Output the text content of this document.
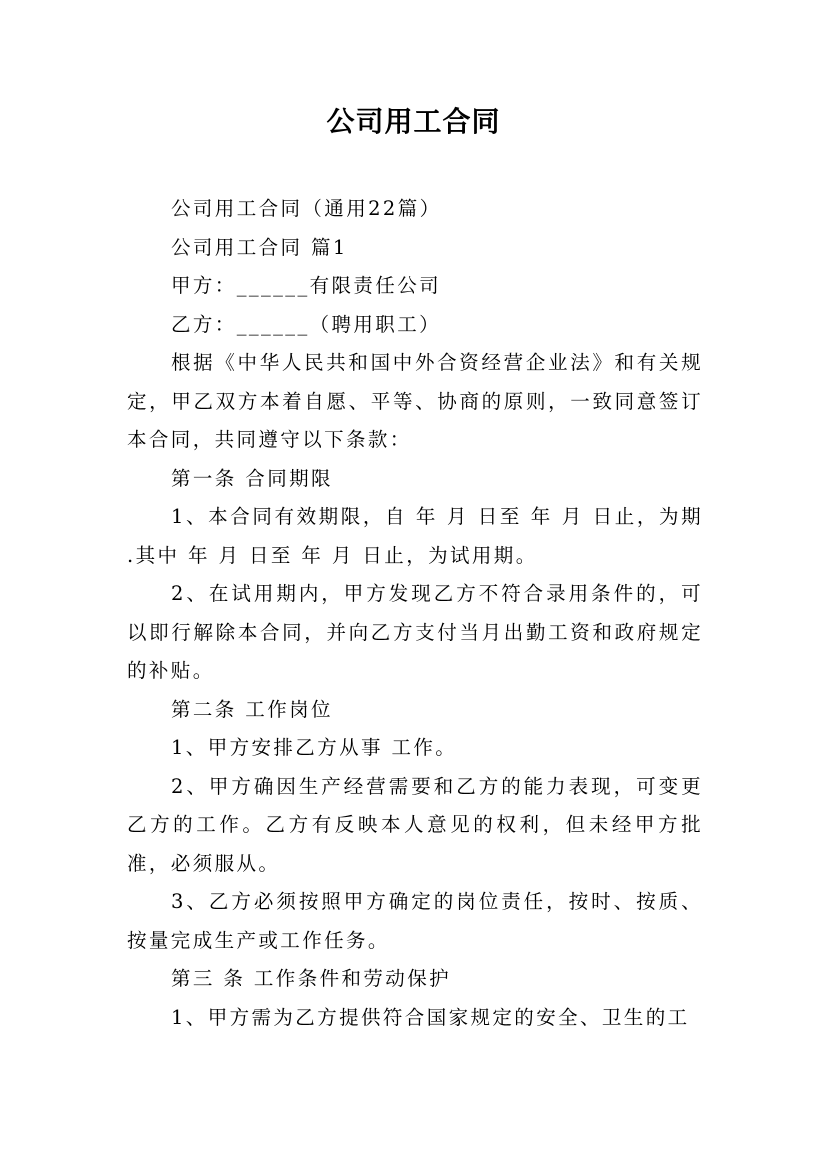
公司用工合同

公司用工合同（通用22篇）

公司用工合同 篇1

甲方：______有限责任公司

乙方：______（聘用职工）

根据《中华人民共和国中外合资经营企业法》和有关规定，甲乙双方本着自愿、平等、协商的原则，一致同意签订本合同，共同遵守以下条款：

第一条 合同期限

1、本合同有效期限，自 年 月 日至 年 月 日止，为期 .其中 年 月 日至 年 月 日止，为试用期。

2、在试用期内，甲方发现乙方不符合录用条件的，可以即行解除本合同，并向乙方支付当月出勤工资和政府规定的补贴。

第二条 工作岗位

1、甲方安排乙方从事 工作。

2、甲方确因生产经营需要和乙方的能力表现，可变更乙方的工作。乙方有反映本人意见的权利，但未经甲方批准，必须服从。

3、乙方必须按照甲方确定的岗位责任，按时、按质、按量完成生产或工作任务。

第三 条 工作条件和劳动保护

1、甲方需为乙方提供符合国家规定的安全、卫生的工
